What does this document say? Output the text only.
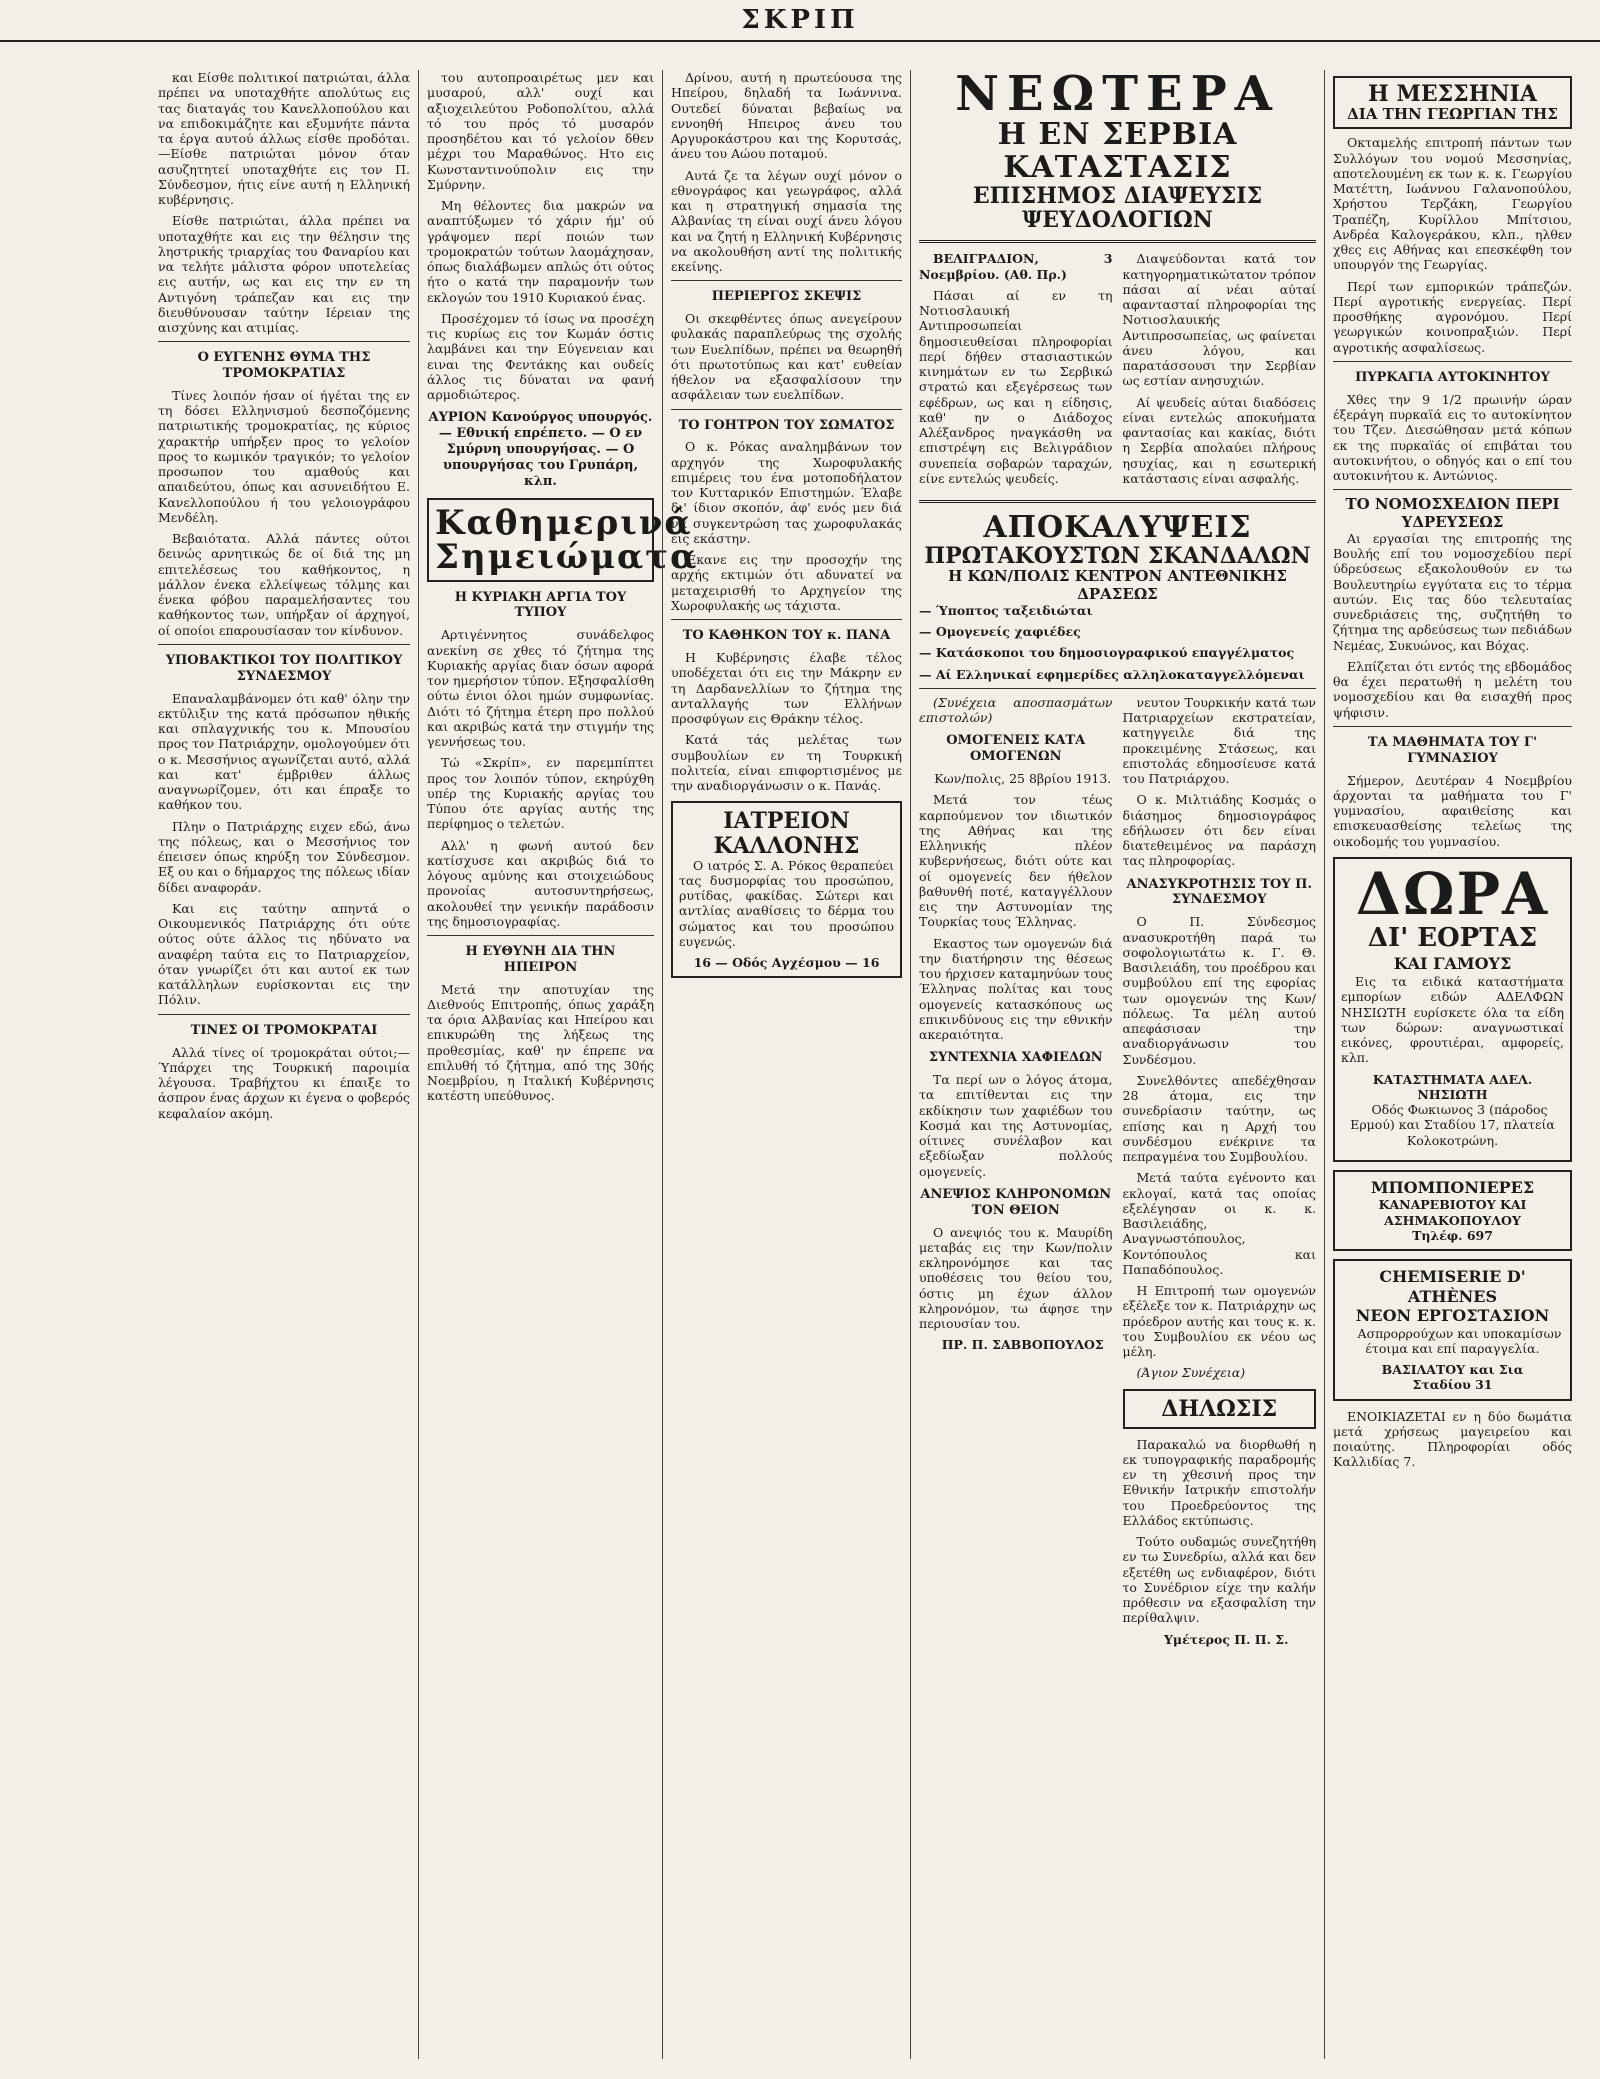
ΣΚΡΙΠ

και Είσθε πολιτικοί πατριώται, άλλα πρέπει να υποταχθήτε απολύτως εις τας διαταγάς του Κανελλοπούλου και να επιδοκιμάζητε και εξυμνήτε πάντα τα έργα αυτού άλλως είσθε προδόται.—Είσθε πατριώται μόνον όταν ασυζητητεί υποταχθήτε εις τον Π. Σύνδεσμον, ήτις είνε αυτή η Ελληνική κυβέρνησις.

Είσθε πατριώται, άλλα πρέπει να υποταχθήτε και εις την θέλησιν της ληστρικής τριαρχίας του Φαναρίου και να τελήτε μάλιστα φόρον υποτελείας εις αυτήν, ως και εις την εν τη Αντιγόνη τράπεζαν και εις την διευθύνουσαν ταύτην Ιέρειαν της αισχύνης και ατιμίας.

Ο ΕΥΓΕΝΗΣ ΘΥΜΑ ΤΗΣ ΤΡΟΜΟΚΡΑΤΙΑΣ

Τίνες λοιπόν ήσαν οί ήγέται της εν τη δόσει Ελληνισμού δεσποζόμενης πατριωτικής τρομοκρατίας, ης κύριος χαρακτήρ υπήρξεν προς το γελοίον προς το κωμικόν τραγικόν; το γελοίον προσωπον του αμαθούς και απαιδεύτου, όπως και ασυνειδήτου Ε. Κανελλοπούλου ή του γελοιογράφου Μενδέλη.

Βεβαιότατα. Αλλά πάντες ούτοι δεινώς αρνητικώς δε οί διά της μη επιτελέσεως του καθήκοντος, η μάλλον ένεκα ελλείψεως τόλμης και ένεκα φόβου παραμελήσαντες του καθήκοντος των, υπήρξαν οί άρχηγοί, οί οποίοι επαρουσίασαν τον κίνδυνον.

ΥΠΟΒΑΚΤΙΚΟΙ ΤΟΥ ΠΟΛΙΤΙΚΟΥ ΣΥΝΔΕΣΜΟΥ

Επαναλαμβάνομεν ότι καθ' όλην την εκτύλιξιν της κατά πρόσωπον ηθικής και σπλαγχνικής του κ. Μπουσίου προς τον Πατριάρχην, ομολογούμεν ότι ο κ. Μεσσήνιος αγωνίζεται αυτό, αλλά και κατ' έμβριθεν άλλως αναγνωρίζομεν, ότι και έπραξε το καθήκον του.

Πλην ο Πατριάρχης ειχεν εδώ, άνω της πόλεως, και ο Μεσσήνιος τον έπεισεν όπως κηρύξη τον Σύνδεσμον. Εξ ου και ο δήμαρχος της πόλεως ιδίαν δίδει αναφοράν.

Και εις ταύτην απηντά ο Οικουμενικός Πατριάρχης ότι ούτε ούτος ούτε άλλος τις ηδύνατο να αναφέρη ταύτα εις το Πατριαρχείον, όταν γνωρίζει ότι και αυτοί εκ των κατάλληλων ευρίσκονται εις την Πόλιν.

ΤΙΝΕΣ ΟΙ ΤΡΟΜΟΚΡΑΤΑΙ

Αλλά τίνες οί τρομοκράται ούτοι;—Ύπάρχει της Τουρκική παροιμία λέγουσα. Τραβήχτου κι έπαιξε το άσπρον ένας άρχων κι έγενα ο φοβερός κεφαλαίον ακόμη.

του αυτοπροαιρέτως μεν και μυσαρού, αλλ' ουχί και αξιοχειλεύτου Ροδοπολίτου, αλλά τό του πρός τό μυσαρόν προσηδέτου και τό γελοίον δθεν μέχρι του Μαραθώνος. Ητο εις Κωνσταντινούπολιν εις την Σμύρνην.

Μη θέλοντες δια μακρών να αναπτύξωμεν τό χάριν ήμ' ού γράψομεν περί ποιών των τρομοκρατών τούτων λαομάχησαν, όπως διαλάβωμεν απλώς ότι ούτος ήτο ο κατά την παραμονήν των εκλογών του 1910 Κυριακού ένας.

Προσέχομεν τό ίσως να προσέχη τις κυρίως εις τον Κωμάν όστις λαμβάνει και την Εύγενειαν και ειναι της Φεντάκης και ουδείς άλλος τις δύναται να φανή αρμοδιώτερος.

ΑΥΡΙΟΝ Κανούργος υπουργός. — Εθνική επρέπετο. — Ο εν Σμύρνη υπουργήσας. — Ο υπουργήσας του Γρυπάρη, κλπ.
Καθημερινά
Σημειώματα
Η ΚΥΡΙΑΚΗ ΑΡΓΙΑ ΤΟΥ ΤΥΠΟΥ

Αρτιγέννητος συνάδελφος ανεκίνη σε χθες τό ζήτημα της Κυριακής αργίας διαν όσων αφορά τον ημερήσιον τύπον. Εξησφαλίσθη ούτω ένιοι όλοι ημών συμφωνίας. Διότι τό ζήτημα έτερη προ πολλού και ακριβώς κατά την στιγμήν της γεννήσεως του.

Τώ «Σκρίπ», εν παρεμπίπτει προς τον λοιπόν τύπον, εκηρύχθη υπέρ της Κυριακής αργίας του Τύπου ότε αργίας αυτής της περίφημος ο τελετών.

Αλλ' η φωνή αυτού δεν κατίσχυσε και ακριβώς διά το λόγους αμύνης και στοιχειώδους προνοίας αυτοσυντηρήσεως, ακολουθεί την γενικήν παράδοσιν της δημοσιογραφίας.

Η ΕΥΘΥΝΗ ΔΙΑ ΤΗΝ ΗΠΕΙΡΟΝ

Μετά την αποτυχίαν της Διεθνούς Επιτροπής, όπως χαράξη τα όρια Αλβανίας και Ηπείρου και επικυρώθη της λήξεως της προθεσμίας, καθ' ην έπρεπε να επιλυθή τό ζήτημα, από της 30ής Νοεμβρίου, η Ιταλική Κυβέρνησις κατέστη υπεύθυνος.

Δρίνου, αυτή η πρωτεύουσα της Ηπείρου, δηλαδή τα Ιωάννινα. Ουτεδεί δύναται βεβαίως να εννοηθή Ηπειρος άνευ του Αργυροκάστρου και της Κορυτσάς, άνευ του Αώου ποταμού.

Αυτά ζε τα λέγων ουχί μόνον ο εθνογράφος και γεωγράφος, αλλά και η στρατηγική σημασία της Αλβανίας τη είναι ουχί άνευ λόγου και να ζητή η Ελληνική Κυβέρνησις να ακολουθήση αντί της πολιτικής εκείνης.

ΠΕΡΙΕΡΓΟΣ ΣΚΕΨΙΣ

Οι σκεφθέντες όπως ανεγείρουν φυλακάς παραπλεύρως της σχολής των Ευελπίδων, πρέπει να θεωρηθή ότι πρωτοτύπως και κατ' ευθείαν ήθελον να εξασφαλίσουν την ασφάλειαν των ευελπίδων.

ΤΟ ΓΟΗΤΡΟΝ ΤΟΥ ΣΩΜΑΤΟΣ

Ο κ. Ρόκας αναλημβάνων τον αρχηγόν της Χωροφυλακής επιμέρεις του ένα μοτοποδήλατον τον Κυτταρικόν Επιστημών. Έλαβε δι' ίδιον σκοπόν, άφ' ενός μεν διά να συγκεντρώση τας χωροφυλακάς εις εκάστην.

Έκανε εις την προσοχήν της αρχής εκτιμών ότι αδυνατεί να μεταχειρισθή το Αρχηγείον της Χωροφυλακής ως τάχιστα.

ΤΟ ΚΑΘΗΚΟΝ ΤΟΥ κ. ΠΑΝΑ

Η Κυβέρνησις έλαβε τέλος υποδέχεται ότι εις την Μάκρην εν τη Δαρδανελλίων το ζήτημα της ανταλλαγής των Ελλήνων προσφύγων εις Θράκην τέλος.

Κατά τάς μελέτας των συμβουλίων εν τη Τουρκική πολιτεία, είναι επιφορτισμένος με την αναδιοργάνωσιν ο κ. Πανάς.

ΙΑΤΡΕΙΟΝ ΚΑΛΛΟΝΗΣ

Ο ιατρός Σ. Α. Ρόκος θεραπεύει τας δυσμορφίας του προσώπου, ρυτίδας, φακίδας. Σώτερι και αντλίας αναθίσεις το δέρμα του σώματος και του προσώπου ευγενώς.

16 — Οδός Αγχέσμου — 16
ΝΕΩΤΕΡΑ
Η ΕΝ ΣΕΡΒΙΑ ΚΑΤΑΣΤΑΣΙΣ
ΕΠΙΣΗΜΟΣ ΔΙΑΨΕΥΣΙΣ ΨΕΥΔΟΛΟΓΙΩΝ

ΒΕΛΙΓΡΑΔΙΟΝ, 3 Νοεμβρίου. (Αθ. Πρ.)

Πάσαι αί εν τη Νοτιοσλαυική Αντιπροσωπείαι δημοσιευθείσαι πληροφορίαι περί δήθεν στασιαστικών κινημάτων εν τω Σερβικώ στρατώ και εξεγέρσεως των εφέδρων, ως και η είδησις, καθ' ην ο Διάδοχος Αλέξανδρος ηναγκάσθη να επιστρέψη εις Βελιγράδιον συνεπεία σοβαρών ταραχών, είνε εντελώς ψευδείς.

Διαψεύδονται κατά τον κατηγορηματικώτατον τρόπον πάσαι αί νέαι αύταί αφαντασταί πληροφορίαι της Νοτιοσλαυικής Αντιπροσωπείας, ως φαίνεται άνευ λόγου, και παρατάσσουσι την Σερβίαν ως εστίαν ανησυχιών.

Αί ψευδείς αύται διαδόσεις είναι εντελώς αποκυήματα φαντασίας και κακίας, διότι η Σερβία απολαύει πλήρους ησυχίας, και η εσωτερική κατάστασις είναι ασφαλής.

ΑΠΟΚΑΛΥΨΕΙΣ
ΠΡΩΤΑΚΟΥΣΤΩΝ ΣΚΑΝΔΑΛΩΝ
Η ΚΩΝ/ΠΟΛΙΣ ΚΕΝΤΡΟΝ ΑΝΤΕΘΝΙΚΗΣ ΔΡΑΣΕΩΣ

— Ύποπτος ταξειδιώται

— Ομογενείς χαφιέδες

— Κατάσκοποι του δημοσιογραφικού επαγγέλματος

— Αί Ελληνικαί εφημερίδες αλληλοκαταγγελλόμεναι

(Συνέχεια αποσπασμάτων επιστολών)

ΟΜΟΓΕΝΕΙΣ ΚΑΤΑ ΟΜΟΓΕΝΩΝ

Κων/πολις, 25 8βρίου 1913.

Μετά τον τέως καρπούμενον τον ιδιωτικόν της Αθήνας και της Ελληνικής πλέον κυβερνήσεως, διότι ούτε και οί ομογενείς δεν ήθελον βαθυνθή ποτέ, καταγγέλλουν εις την Αστυνομίαν της Τουρκίας τους Έλληνας.

Εκαστος των ομογενών διά την διατήρησιν της θέσεως του ήρχισεν καταμηνύων τους Έλληνας πολίτας και τους ομογενείς κατασκόπους ως επικινδύνους εις την εθνικήν ακεραιότητα.

ΣΥΝΤΕΧΝΙΑ ΧΑΦΙΕΔΩΝ

Τα περί ων ο λόγος άτομα, τα επιτίθενται εις την εκδίκησιν των χαφιέδων του Κοσμά και της Αστυνομίας, οίτινες συνέλαβον και εξεδίωξαν πολλούς ομογενείς.

ΑΝΕΨΙΟΣ ΚΛΗΡΟΝΟΜΩΝ ΤΟΝ ΘΕΙΟΝ

Ο ανεψιός του κ. Μαυρίδη μεταβάς εις την Κων/πολιν εκληρονόμησε και τας υποθέσεις του θείου του, όστις μη έχων άλλον κληρονόμον, τω άφησε την περιουσίαν του.

ΠΡ. Π. ΣΑΒΒΟΠΟΥΛΟΣ

νευτον Τουρκικήν κατά των Πατριαρχείων εκστρατείαν, κατηγγειλε διά της προκειμένης Στάσεως, και επιστολάς εδημοσίευσε κατά του Πατριάρχου.

Ο κ. Μιλτιάδης Κοσμάς ο διάσημος δημοσιογράφος εδήλωσεν ότι δεν είναι διατεθειμένος να παράσχη τας πληροφορίας.

ΑΝΑΣΥΚΡΟΤΗΣΙΣ ΤΟΥ Π. ΣΥΝΔΕΣΜΟΥ

Ο Π. Σύνδεσμος ανασυκροτήθη παρά τω σοφολογιωτάτω κ. Γ. Θ. Βασιλειάδη, του προέδρου και συμβούλου επί της εφορίας των ομογενών της Κων/πόλεως. Τα μέλη αυτού απεφάσισαν την αναδιοργάνωσιν του Συνδέσμου.

Συνελθόντες απεδέχθησαν 28 άτομα, εις την συνεδρίασιν ταύτην, ως επίσης και η Αρχή του συνδέσμου ενέκρινε τα πεπραγμένα του Συμβουλίου.

Μετά ταύτα εγένοντο και εκλογαί, κατά τας οποίας εξελέγησαν οι κ. κ. Βασιλειάδης, Αναγνωστόπουλος, Κοντόπουλος και Παπαδόπουλος.

Η Επιτροπή των ομογενών εξέλεξε τον κ. Πατριάρχην ως πρόεδρον αυτής και τους κ. κ. του Συμβουλίου εκ νέου ως μέλη.

(Άγιον Συνέχεια)

ΔΗΛΩΣΙΣ

Παρακαλώ να διορθωθή η εκ τυπογραφικής παραδρομής εν τη χθεσινή προς την Εθνικήν Ιατρικήν επιστολήν του Προεδρεύοντος της Ελλάδος εκτύπωσις.

Τούτο ουδαμώς συνεζητήθη εν τω Συνεδρίω, αλλά και δεν εξετέθη ως ενδιαφέρον, διότι το Συνέδριον είχε την καλήν πρόθεσιν να εξασφαλίση την περίθαλψιν.

Υμέτερος Π. Π. Σ.

Η ΜΕΣΣΗΝΙΑ
ΔΙΑ ΤΗΝ ΓΕΩΡΓΙΑΝ ΤΗΣ

Οκταμελής επιτροπή πάντων των Συλλόγων του νομού Μεσσηνίας, αποτελουμένη εκ των κ. κ. Γεωργίου Ματέττη, Ιωάννου Γαλανοπούλου, Χρήστου Τερζάκη, Γεωργίου Τραπέζη, Κυρίλλου Μπίτσιου, Ανδρέα Καλογεράκου, κλπ., ηλθεν χθες εις Αθήνας και επεσκέφθη τον υπουργόν της Γεωργίας.

Περί των εμπορικών τράπεζών. Περί αγροτικής ενεργείας. Περί προσθήκης αγρονόμου. Περί γεωργικών κοινοπραξιών. Περί αγροτικής ασφαλίσεως.

ΠΥΡΚΑΓΙΑ ΑΥΤΟΚΙΝΗΤΟΥ

Χθες την 9 1/2 πρωινήν ώραν έξεράγη πυρκαϊά εις το αυτοκίνητον του Τζεν. Διεσώθησαν μετά κόπων εκ της πυρκαϊάς οί επιβάται του αυτοκινήτου, ο οδηγός και ο επί του αυτοκινήτου κ. Αντώνιος.

ΤΟ ΝΟΜΟΣΧΕΔΙΟΝ ΠΕΡΙ ΥΔΡΕΥΣΕΩΣ

Αι εργασίαι της επιτροπής της Βουλής επί του νομοσχεδίου περί ύδρεύσεως εξακολουθούν εν τω Βουλευτηρίω εγγύτατα εις το τέρμα αυτών. Εις τας δύο τελευταίας συνεδριάσεις της, συζητήθη το ζήτημα της αρδεύσεως των πεδιάδων Νεμέας, Συκυώνος, και Βόχας.

Ελπίζεται ότι εντός της εβδομάδος θα έχει περατωθή η μελέτη του νομοσχεδίου και θα εισαχθή προς ψήφισιν.

ΤΑ ΜΑΘΗΜΑΤΑ ΤΟΥ Γ' ΓΥΜΝΑΣΙΟΥ

Σήμερον, Δευτέραν 4 Νοεμβρίου άρχονται τα μαθήματα του Γ' γυμνασίου, αφαιθείσης και επισκευασθείσης τελείως της οικοδομής του γυμνασίου.

ΔΩΡΑ
ΔΙ' ΕΟΡΤΑΣ
ΚΑΙ ΓΑΜΟΥΣ

Εις τα ειδικά καταστήματα εμπορίων ειδών ΑΔΕΛΦΩΝ ΝΗΣΙΩΤΗ ευρίσκετε όλα τα είδη των δώρων: αναγνωστικαί εικόνες, φρουτιέραι, αμφορείς, κλπ.

ΚΑΤΑΣΤΗΜΑΤΑ ΑΔΕΛ. ΝΗΣΙΩΤΗ

Οδός Φωκιωνος 3 (πάροδος Ερμού) και Σταδίου 17, πλατεία Κολοκοτρώνη.

ΜΠΟΜΠΟΝΙΕΡΕΣ
ΚΑΝΑΡΕΒΙΟΤΟΥ ΚΑΙ ΑΣΗΜΑΚΟΠΟΥΛΟΥ
Τηλέφ. 697
CHEMISERIE D' ATHÈNES
ΝΕΟΝ ΕΡΓΟΣΤΑΣΙΟΝ

Ασπρορρούχων και υποκαμίσων έτοιμα και επί παραγγελία.

ΒΑΣΙΛΑΤΟΥ και Σια
Σταδίου 31

ΕΝΟΙΚΙΑΖΕΤΑΙ εν η δύο δωμάτια μετά χρήσεως μαγειρείου και ποιαύτης. Πληροφορίαι οδός Καλλιδίας 7.
